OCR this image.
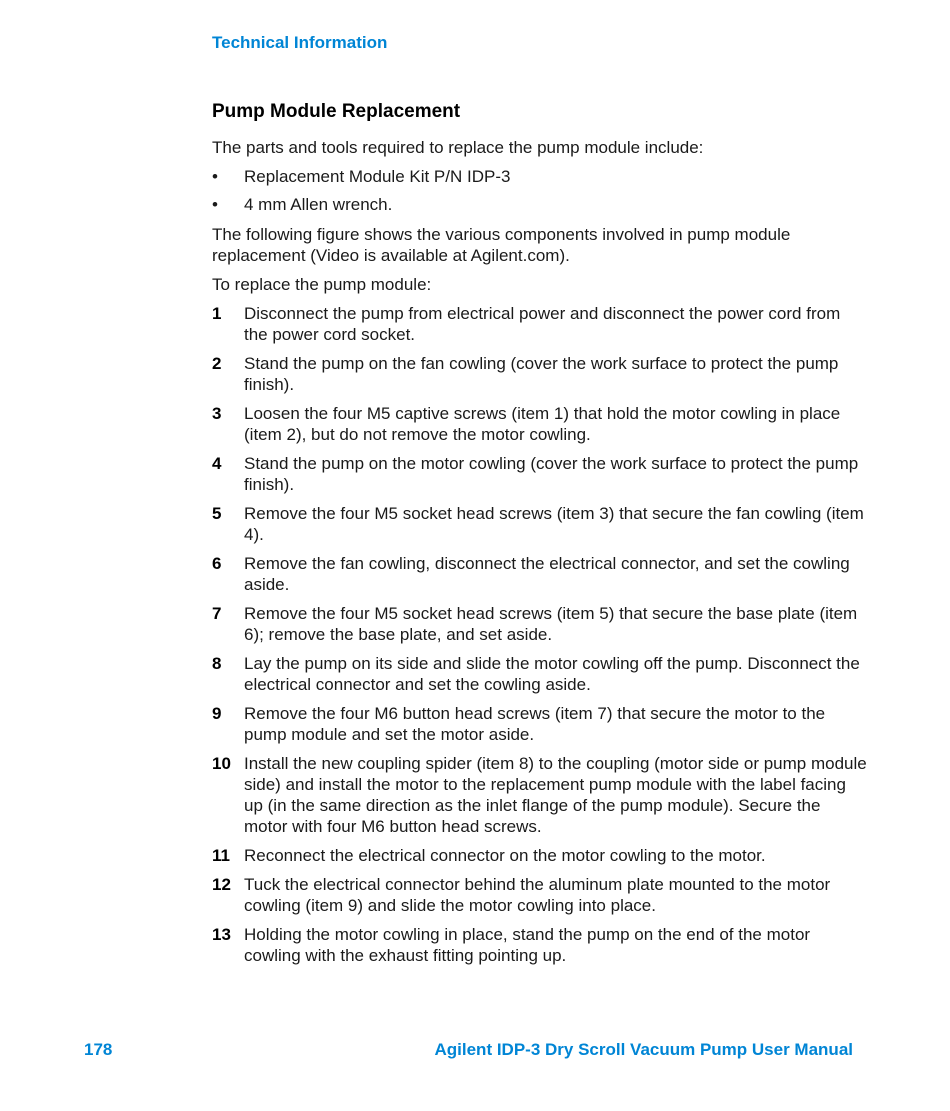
Technical Information
Pump Module Replacement

The parts and tools required to replace the pump module include:

• Replacement Module Kit P/N IDP-3
• 4 mm Allen wrench.

The following figure shows the various components involved in pump module replacement (Video is available at Agilent.com).

To replace the pump module:

1 Disconnect the pump from electrical power and disconnect the power cord from the power cord socket.
2 Stand the pump on the fan cowling (cover the work surface to protect the pump finish).
3 Loosen the four M5 captive screws (item 1) that hold the motor cowling in place (item 2), but do not remove the motor cowling.
4 Stand the pump on the motor cowling (cover the work surface to protect the pump finish).
5 Remove the four M5 socket head screws (item 3) that secure the fan cowling (item 4).
6 Remove the fan cowling, disconnect the electrical connector, and set the cowling aside.
7 Remove the four M5 socket head screws (item 5) that secure the base plate (item 6); remove the base plate, and set aside.
8 Lay the pump on its side and slide the motor cowling off the pump. Disconnect the electrical connector and set the cowling aside.
9 Remove the four M6 button head screws (item 7) that secure the motor to the pump module and set the motor aside.
10 Install the new coupling spider (item 8) to the coupling (motor side or pump module side) and install the motor to the replacement pump module with the label facing up (in the same direction as the inlet flange of the pump module). Secure the motor with four M6 button head screws.
11 Reconnect the electrical connector on the motor cowling to the motor.
12 Tuck the electrical connector behind the aluminum plate mounted to the motor cowling (item 9) and slide the motor cowling into place.
13 Holding the motor cowling in place, stand the pump on the end of the motor cowling with the exhaust fitting pointing up.
178	Agilent IDP-3 Dry Scroll Vacuum Pump User Manual
